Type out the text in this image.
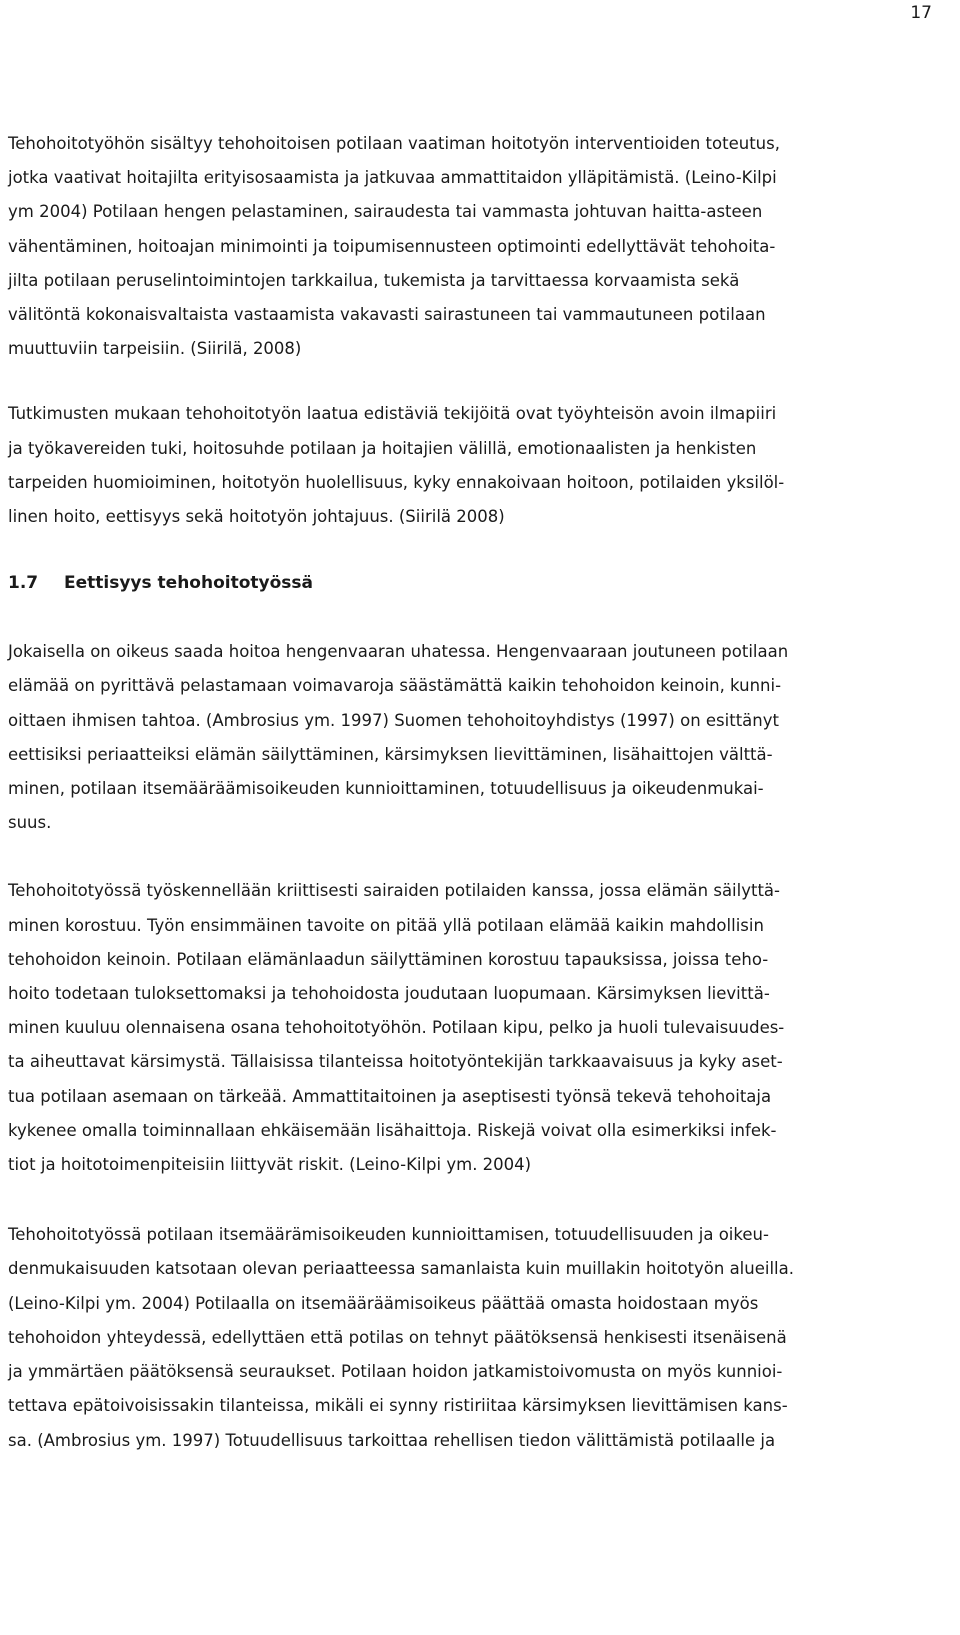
17

Tehohoitotyöhön sisältyy tehohoitoisen potilaan vaatiman hoitotyön interventioiden toteutus,
jotka vaativat hoitajilta erityisosaamista ja jatkuvaa ammattitaidon ylläpitämistä. (Leino-Kilpi
ym 2004) Potilaan hengen pelastaminen, sairaudesta tai vammasta johtuvan haitta-asteen
vähentäminen, hoitoajan minimointi ja toipumisennusteen optimointi edellyttävät tehohoita-
jilta potilaan peruselintoimintojen tarkkailua, tukemista ja tarvittaessa korvaamista sekä
välitöntä kokonaisvaltaista vastaamista vakavasti sairastuneen tai vammautuneen potilaan
muuttuviin tarpeisiin. (Siirilä, 2008)

Tutkimusten mukaan tehohoitotyön laatua edistäviä tekijöitä ovat työyhteisön avoin ilmapiiri
ja työkavereiden tuki, hoitosuhde potilaan ja hoitajien välillä, emotionaalisten ja henkisten
tarpeiden huomioiminen, hoitotyön huolellisuus, kyky ennakoivaan hoitoon, potilaiden yksilöl-
linen hoito, eettisyys sekä hoitotyön johtajuus. (Siirilä 2008)

1.7	Eettisyys tehohoitotyössä

Jokaisella on oikeus saada hoitoa hengenvaaran uhatessa. Hengenvaaraan joutuneen potilaan
elämää on pyrittävä pelastamaan voimavaroja säästämättä kaikin tehohoidon keinoin, kunni-
oittaen ihmisen tahtoa. (Ambrosius ym. 1997) Suomen tehohoitoyhdistys (1997) on esittänyt
eettisiksi periaatteiksi elämän säilyttäminen, kärsimyksen lievittäminen, lisähaittojen välttä-
minen, potilaan itsemääräämisoikeuden kunnioittaminen, totuudellisuus ja oikeudenmukai-
suus.

Tehohoitotyössä työskennellään kriittisesti sairaiden potilaiden kanssa, jossa elämän säilyttä-
minen korostuu. Työn ensimmäinen tavoite on pitää yllä potilaan elämää kaikin mahdollisin
tehohoidon keinoin. Potilaan elämänlaadun säilyttäminen korostuu tapauksissa, joissa teho-
hoito todetaan tuloksettomaksi ja tehohoidosta joudutaan luopumaan. Kärsimyksen lievittä-
minen kuuluu olennaisena osana tehohoitotyöhön. Potilaan kipu, pelko ja huoli tulevaisuudes-
ta aiheuttavat kärsimystä. Tällaisissa tilanteissa hoitotyöntekijän tarkkaavaisuus ja kyky aset-
tua potilaan asemaan on tärkeää. Ammattitaitoinen ja aseptisesti työnsä tekevä tehohoitaja
kykenee omalla toiminnallaan ehkäisemään lisähaittoja. Riskejä voivat olla esimerkiksi infek-
tiot ja hoitotoimenpiteisiin liittyvät riskit. (Leino-Kilpi ym. 2004)

Tehohoitotyössä potilaan itsemäärämisoikeuden kunnioittamisen, totuudellisuuden ja oikeu-
denmukaisuuden katsotaan olevan periaatteessa samanlaista kuin muillakin hoitotyön alueilla.
(Leino-Kilpi ym. 2004) Potilaalla on itsemääräämisoikeus päättää omasta hoidostaan myös
tehohoidon yhteydessä, edellyttäen että potilas on tehnyt päätöksensä henkisesti itsenäisenä
ja ymmärtäen päätöksensä seuraukset. Potilaan hoidon jatkamistoivomusta on myös kunnioi-
tettava epätoivoisissakin tilanteissa, mikäli ei synny ristiriitaa kärsimyksen lievittämisen kans-
sa. (Ambrosius ym. 1997) Totuudellisuus tarkoittaa rehellisen tiedon välittämistä potilaalle ja
